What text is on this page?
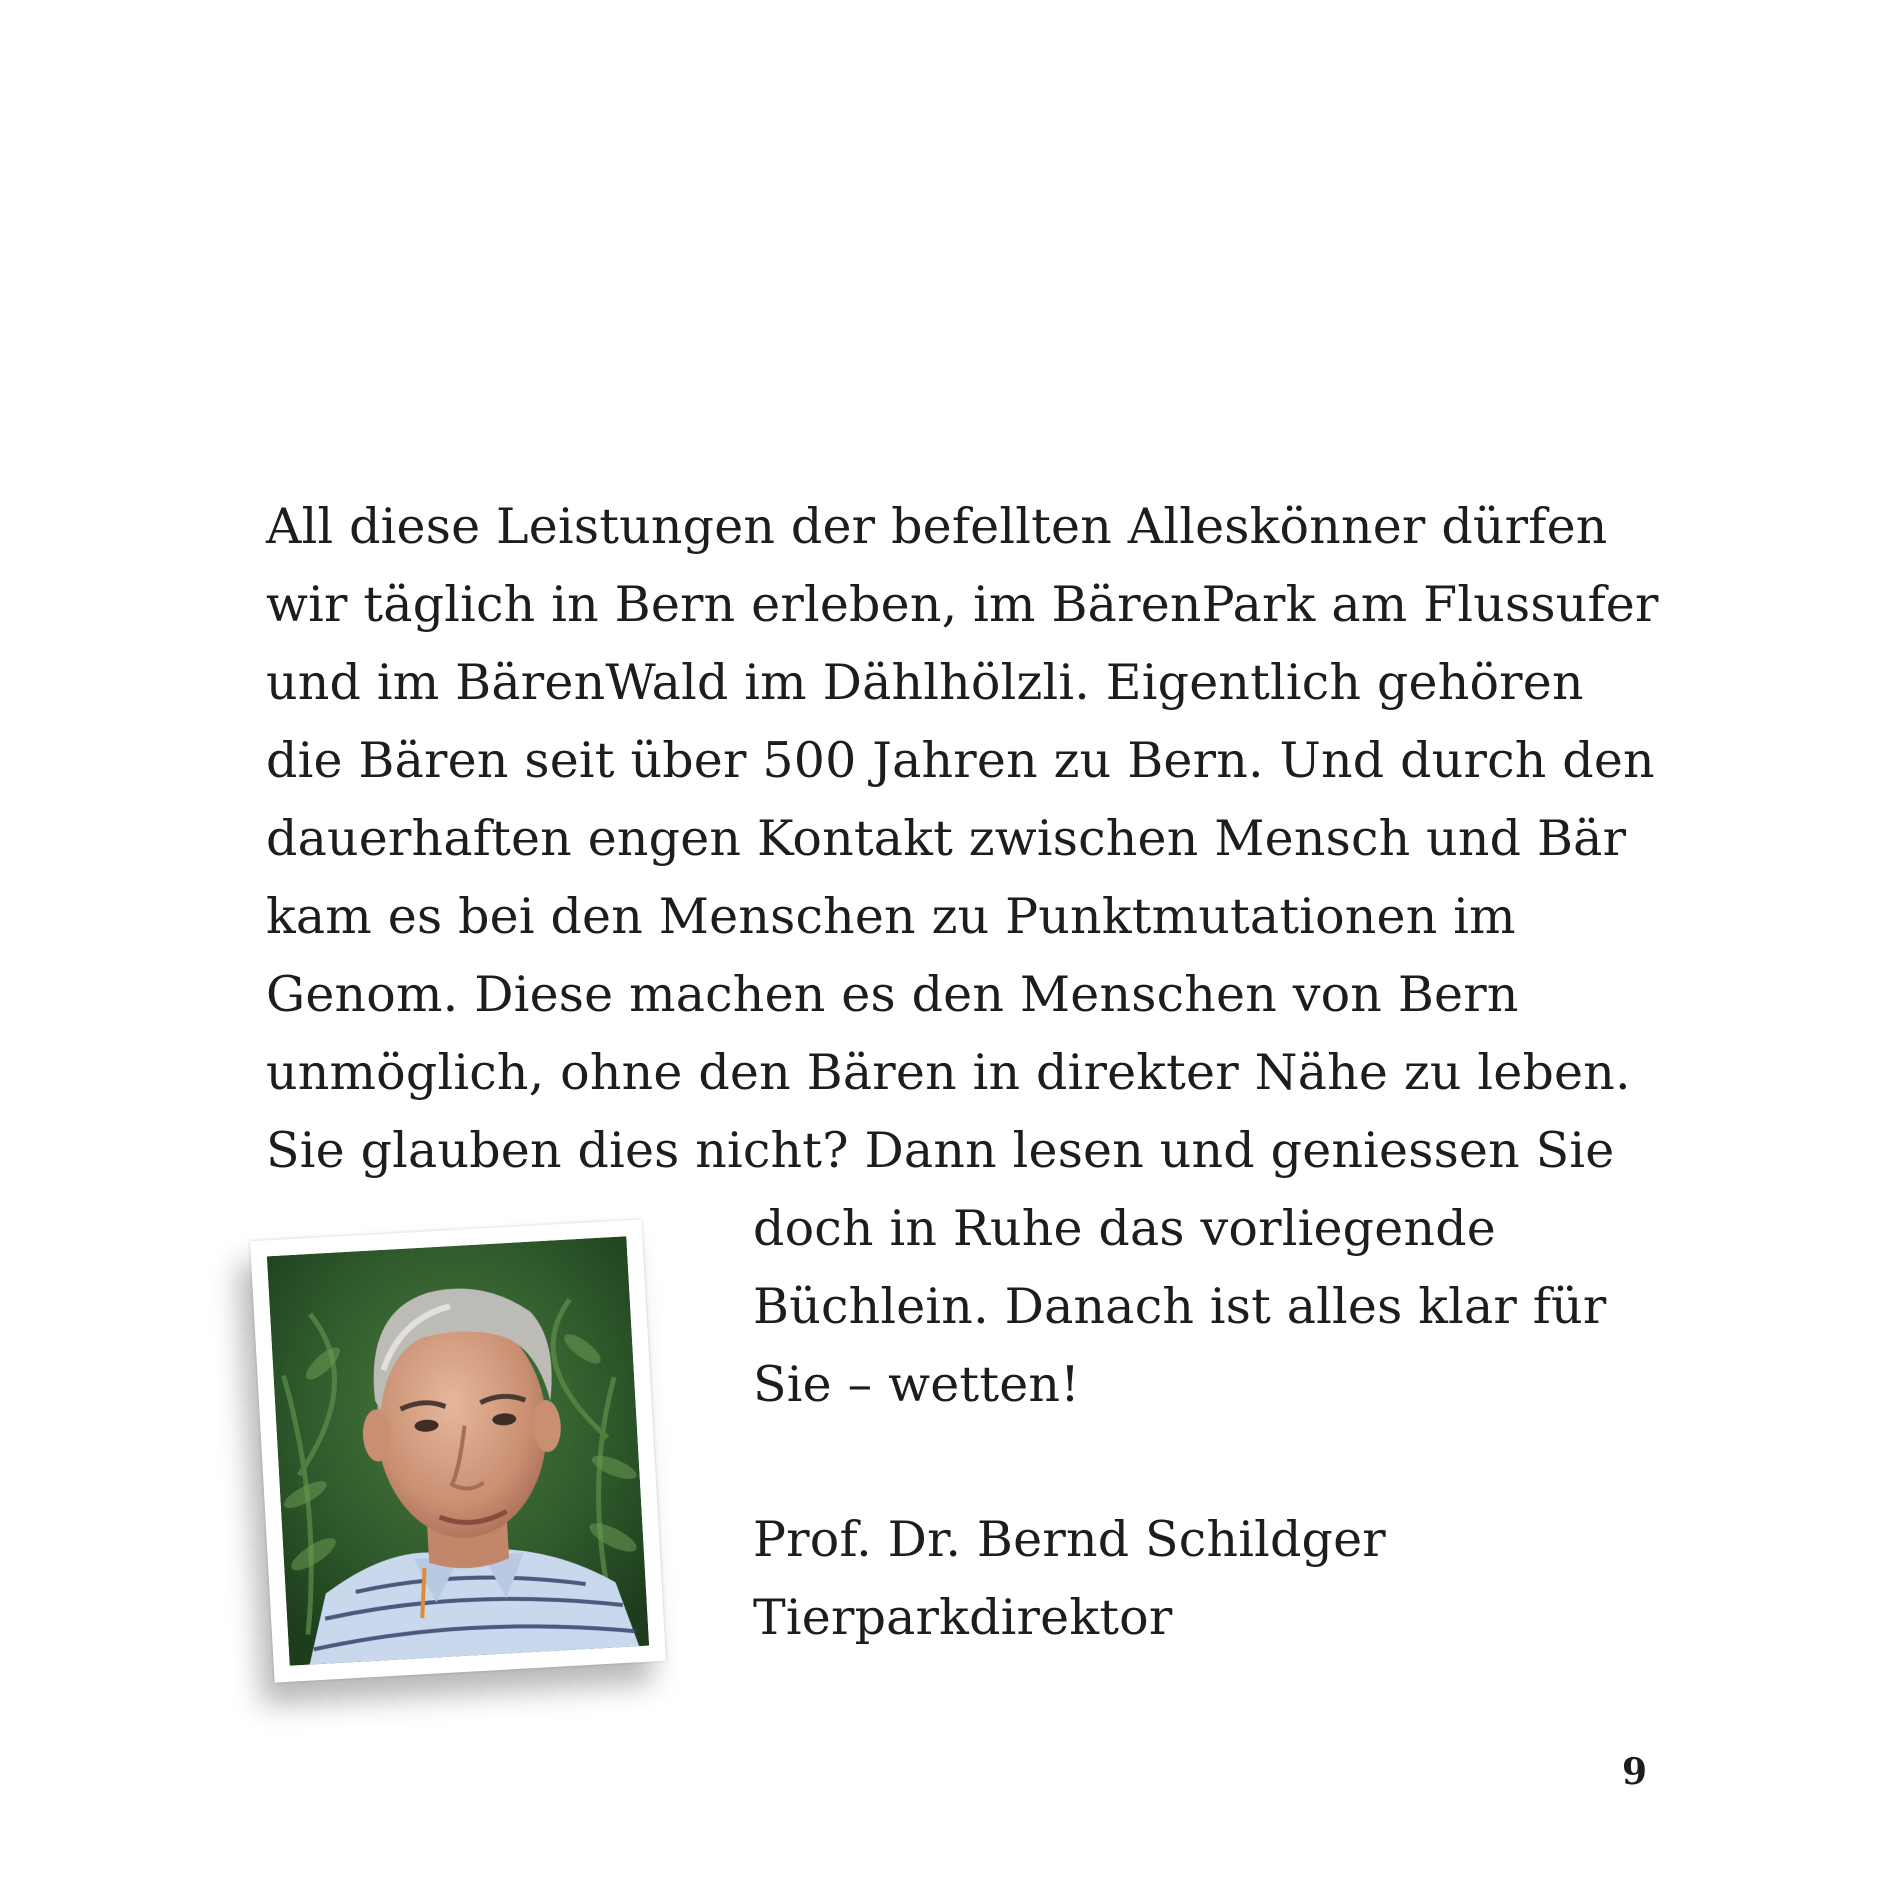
All diese Leistungen der befellten Alleskönner dürfen
wir täglich in Bern erleben, im BärenPark am Flussufer
und im BärenWald im Dählhölzli. Eigentlich gehören
die Bären seit über 500 Jahren zu Bern. Und durch den
dauerhaften engen Kontakt zwischen Mensch und Bär
kam es bei den Menschen zu Punktmutationen im
Genom. Diese machen es den Menschen von Bern
unmöglich, ohne den Bären in direkter Nähe zu leben.
Sie glauben dies nicht? Dann lesen und geniessen Sie
doch in Ruhe das vorliegende
Büchlein. Danach ist alles klar für
Sie – wetten!
Prof. Dr. Bernd Schildger
Tierparkdirektor
9
